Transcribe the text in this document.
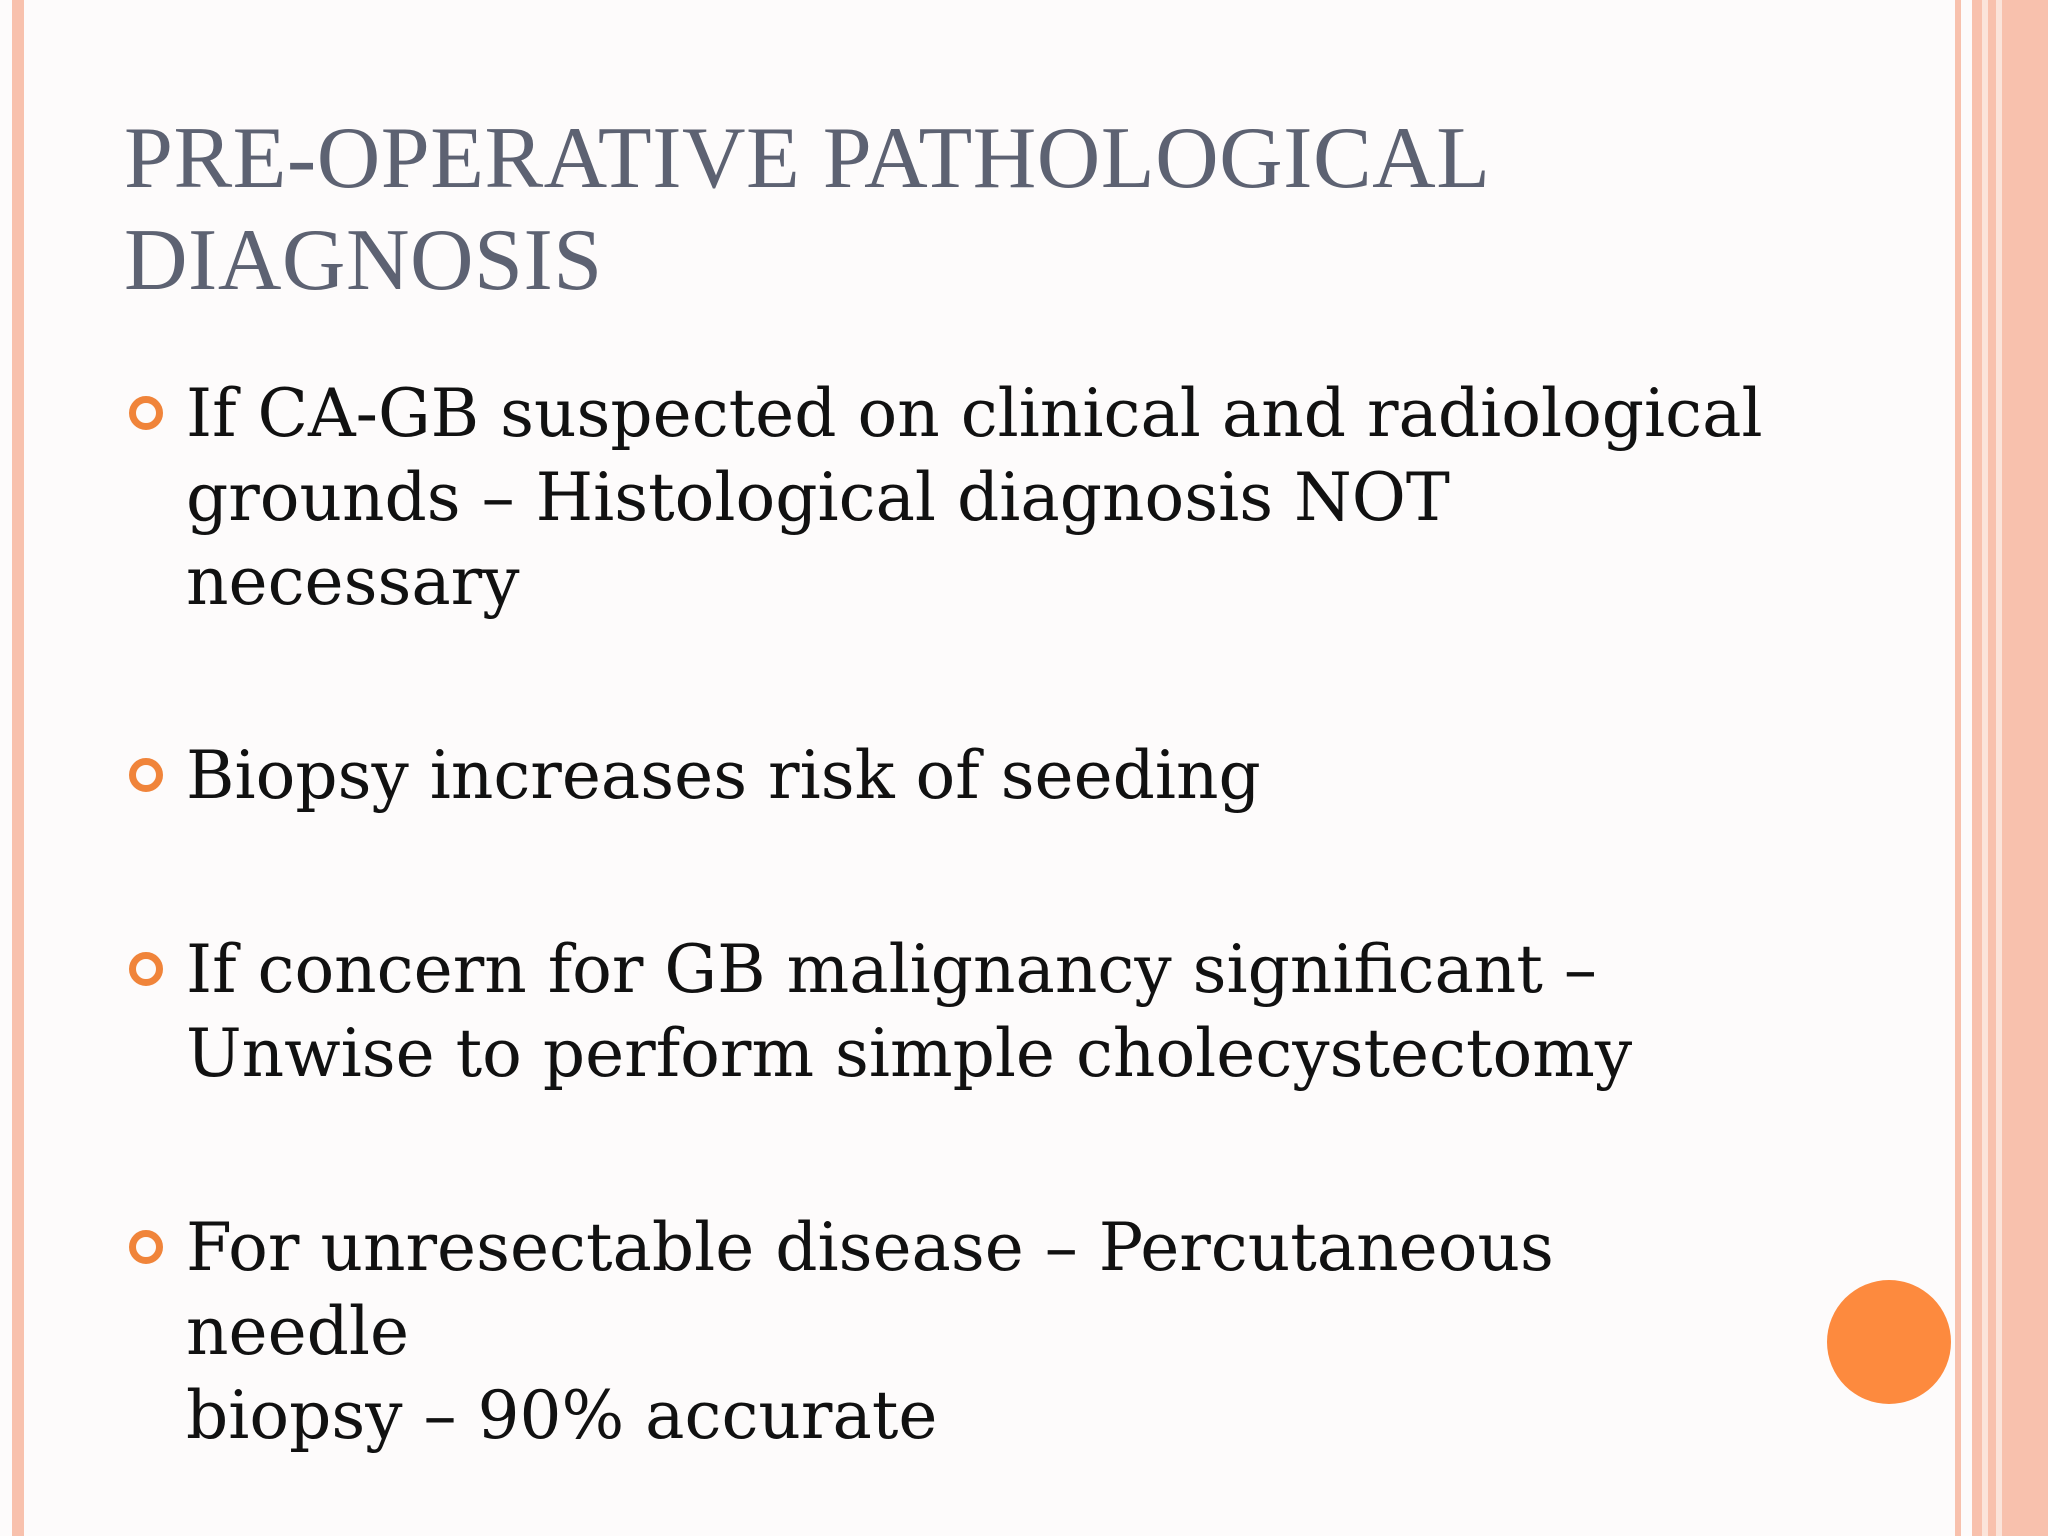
PRE-OPERATIVE PATHOLOGICAL
DIAGNOSIS
If CA-GB suspected on clinical and radiological
grounds – Histological diagnosis NOT necessary
Biopsy increases risk of seeding
If concern for GB malignancy significant –
Unwise to perform simple cholecystectomy
For unresectable disease – Percutaneous needle
biopsy – 90% accurate
